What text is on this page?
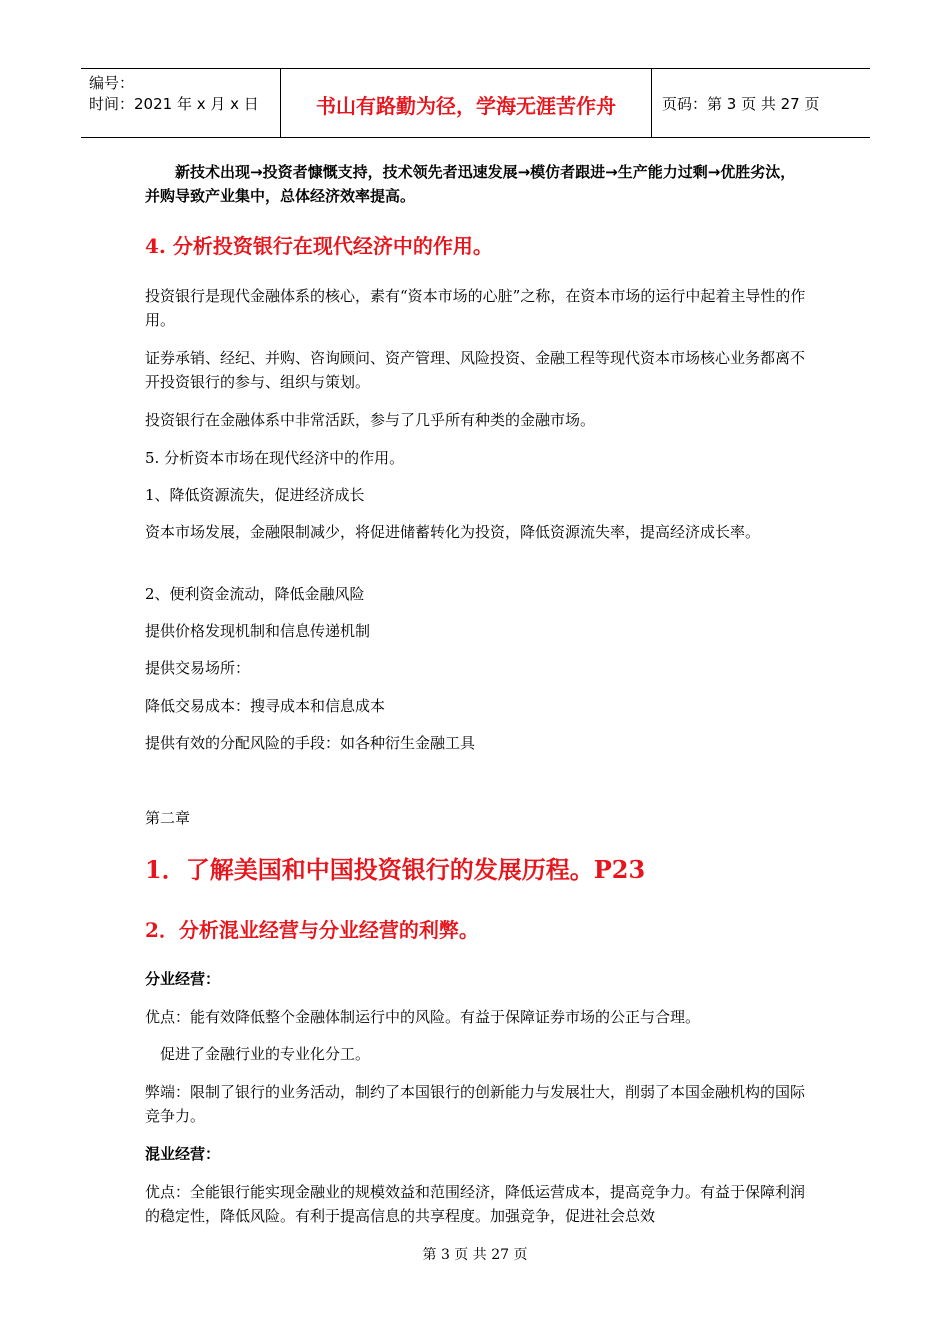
编号：
时间：2021 年 x 月 x 日	书山有路勤为径，学海无涯苦作舟	页码：第 3 页 共 27 页

新技术出现→投资者慷慨支持，技术领先者迅速发展→模仿者跟进→生产能力过剩→优胜劣汰，并购导致产业集中，总体经济效率提高。

4. 分析投资银行在现代经济中的作用。

投资银行是现代金融体系的核心，素有“资本市场的心脏”之称，在资本市场的运行中起着主导性的作用。

证券承销、经纪、并购、咨询顾问、资产管理、风险投资、金融工程等现代资本市场核心业务都离不开投资银行的参与、组织与策划。

投资银行在金融体系中非常活跃，参与了几乎所有种类的金融市场。

5. 分析资本市场在现代经济中的作用。

1、降低资源流失，促进经济成长

资本市场发展，金融限制减少，将促进储蓄转化为投资，降低资源流失率，提高经济成长率。

2、便利资金流动，降低金融风险

提供价格发现机制和信息传递机制

提供交易场所：

降低交易成本：搜寻成本和信息成本

提供有效的分配风险的手段：如各种衍生金融工具

第二章

1．了解美国和中国投资银行的发展历程。P23

2．分析混业经营与分业经营的利弊。

分业经营：

优点：能有效降低整个金融体制运行中的风险。有益于保障证券市场的公正与合理。

促进了金融行业的专业化分工。

弊端：限制了银行的业务活动，制约了本国银行的创新能力与发展壮大，削弱了本国金融机构的国际竞争力。

混业经营：

优点：全能银行能实现金融业的规模效益和范围经济，降低运营成本，提高竞争力。有益于保障利润的稳定性，降低风险。有利于提高信息的共享程度。加强竞争，促进社会总效

第 3 页 共 27 页
